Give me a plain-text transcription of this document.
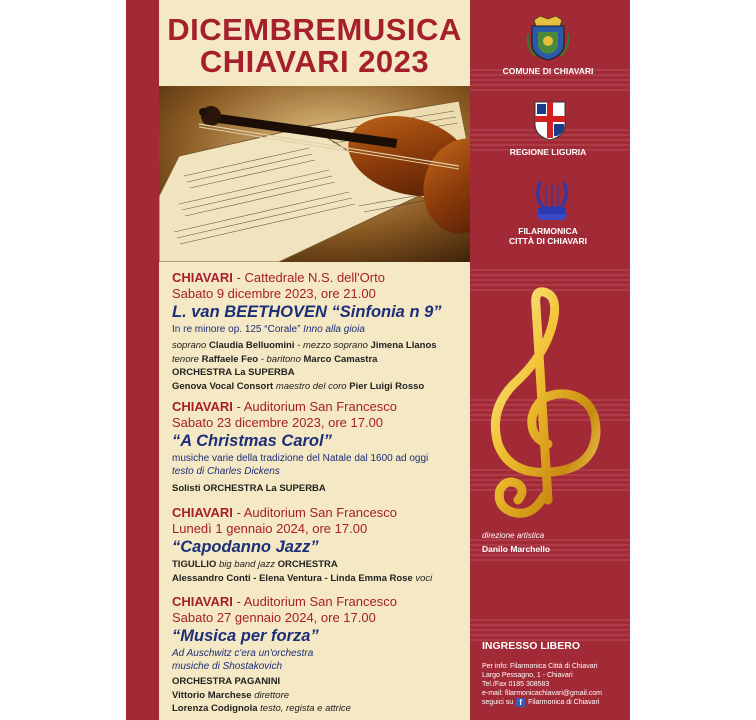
DICEMBREMUSICA
CHIAVARI 2023
CHIAVARI - Cattedrale N.S. dell'Orto
Sabato 9 dicembre 2023, ore 21.00
L. van BEETHOVEN “Sinfonia n 9”
In re minore op. 125 “Corale” Inno alla gioia
soprano Claudia Belluomini - mezzo soprano Jimena Llanos
tenore Raffaele Feo - baritono Marco Camastra
ORCHESTRA La SUPERBA
Genova Vocal Consort maestro del coro Pier Luigi Rosso
CHIAVARI - Auditorium San Francesco
Sabato 23 dicembre 2023, ore 17.00
“A Christmas Carol”
musiche varie della tradizione del Natale dal 1600 ad oggi
testo di Charles Dickens
Solisti ORCHESTRA La SUPERBA
CHIAVARI - Auditorium San Francesco
Lunedì 1 gennaio 2024, ore 17.00
“Capodanno Jazz”
TIGULLIO big band jazz ORCHESTRA
Alessandro Conti - Elena Ventura - Linda Emma Rose voci
CHIAVARI - Auditorium San Francesco
Sabato 27 gennaio 2024, ore 17.00
“Musica per forza”
Ad Auschwitz c'era un'orchestra
musiche di Shostakovich
ORCHESTRA PAGANINI
Vittorio Marchese direttore
Lorenza Codignola testo, regista e attrice
COMUNE DI CHIAVARI
REGIONE LIGURIA
FILARMONICA
CITTÀ DI CHIAVARI
direzione artistica
Danilo Marchello
INGRESSO LIBERO
Per info: Filarmonica Città di Chiavari
Largo Pessagno, 1 - Chiavari
Tel./Fax 0185 308583
e-mail: filarmonicachiavari@gmail.com
seguici su f Filarmonica di Chiavari
